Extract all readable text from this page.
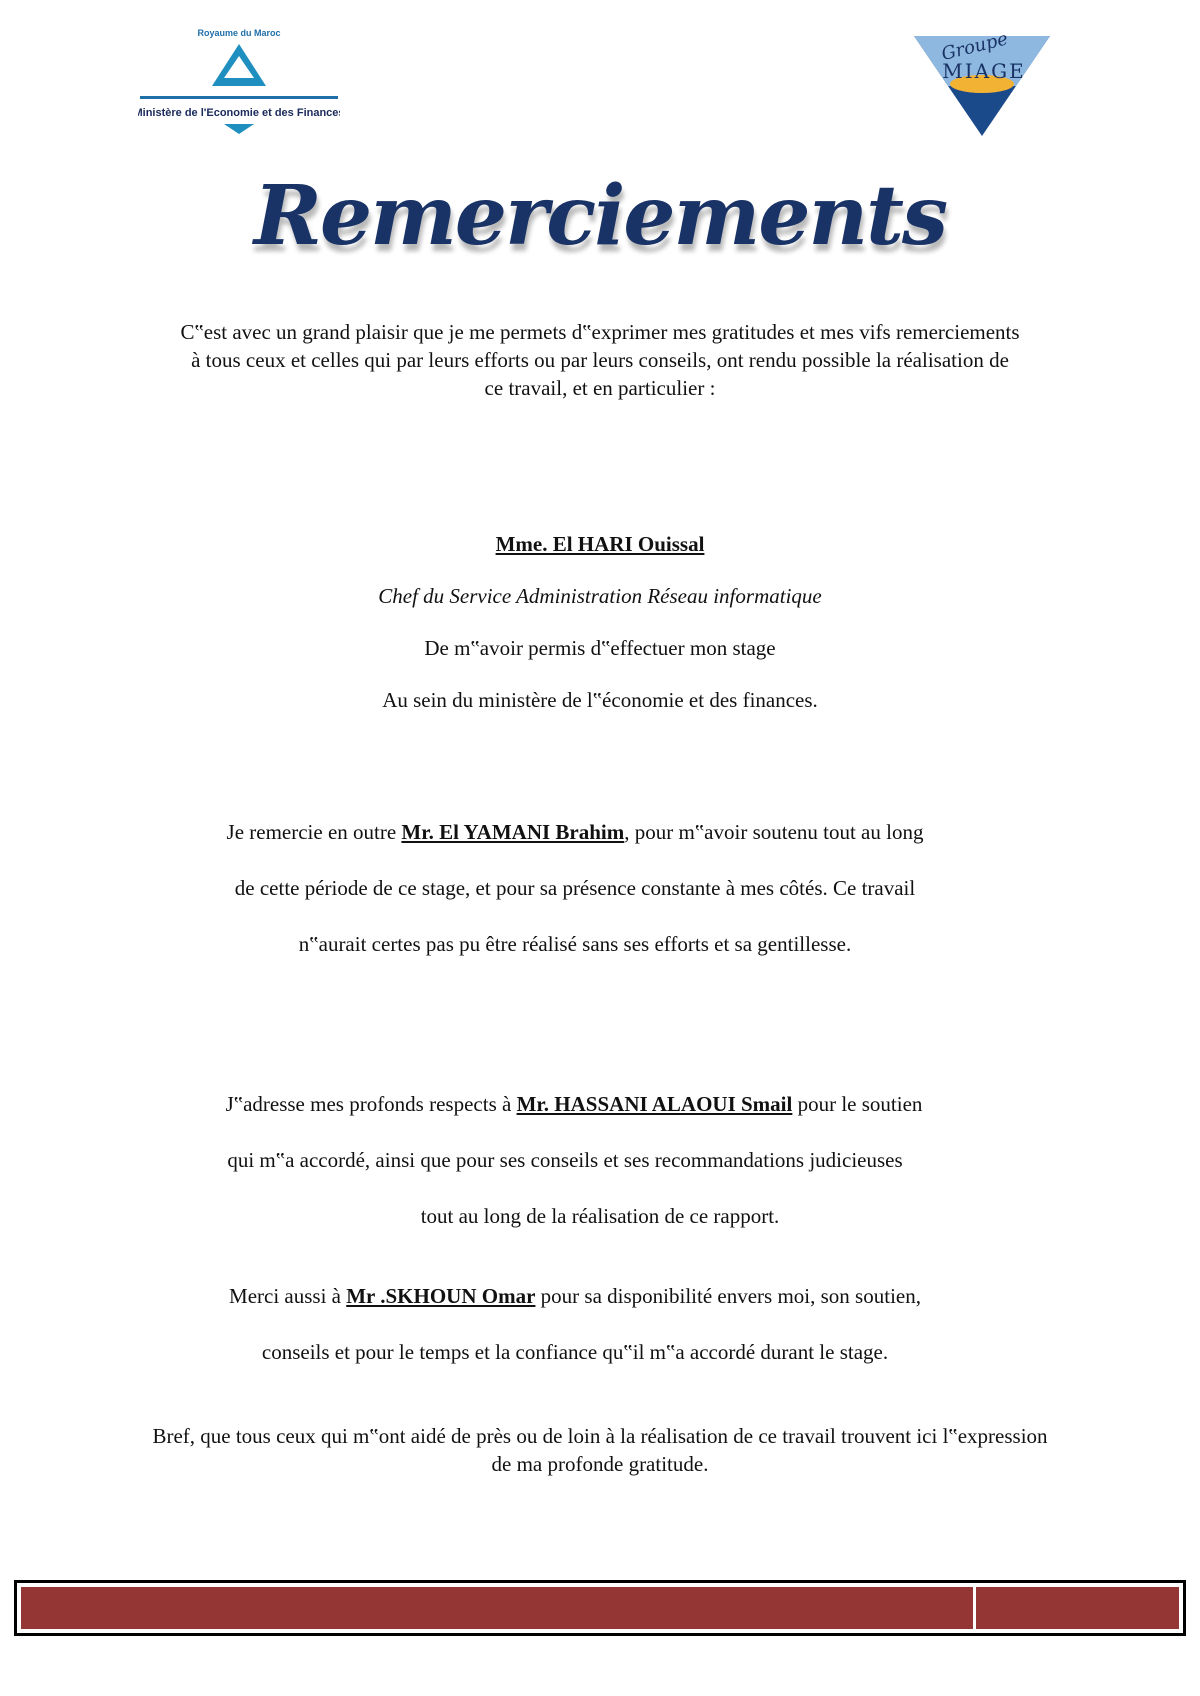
Royaume du Maroc
Ministère de l'Economie et des Finances
Groupe
MIAGE
Remerciements
C‟est avec un grand plaisir que je me permets d‟exprimer mes gratitudes et mes vifs remerciements à tous ceux et celles qui par leurs efforts ou par leurs conseils, ont rendu possible la réalisation de ce travail, et en particulier :
Mme. El HARI Ouissal
Chef du Service Administration Réseau informatique
De m‟avoir permis d‟effectuer mon stage
Au sein du ministère de l‟économie et des finances.
Je remercie en outre Mr. El YAMANI Brahim, pour m‟avoir soutenu tout au long
de cette période de ce stage, et pour sa présence constante à mes côtés. Ce travail
n‟aurait certes pas pu être réalisé sans ses efforts et sa gentillesse.
J‟adresse mes profonds respects à Mr. HASSANI ALAOUI Smail pour le soutien
qui m‟a accordé, ainsi que pour ses conseils et ses recommandations judicieuses
tout au long de la réalisation de ce rapport.
Merci aussi à Mr .SKHOUN Omar pour sa disponibilité envers moi, son soutien,
conseils et pour le temps et la confiance qu‟il m‟a accordé durant le stage.
Bref, que tous ceux qui m‟ont aidé de près ou de loin à la réalisation de ce travail trouvent ici l‟expression de ma profonde gratitude.
